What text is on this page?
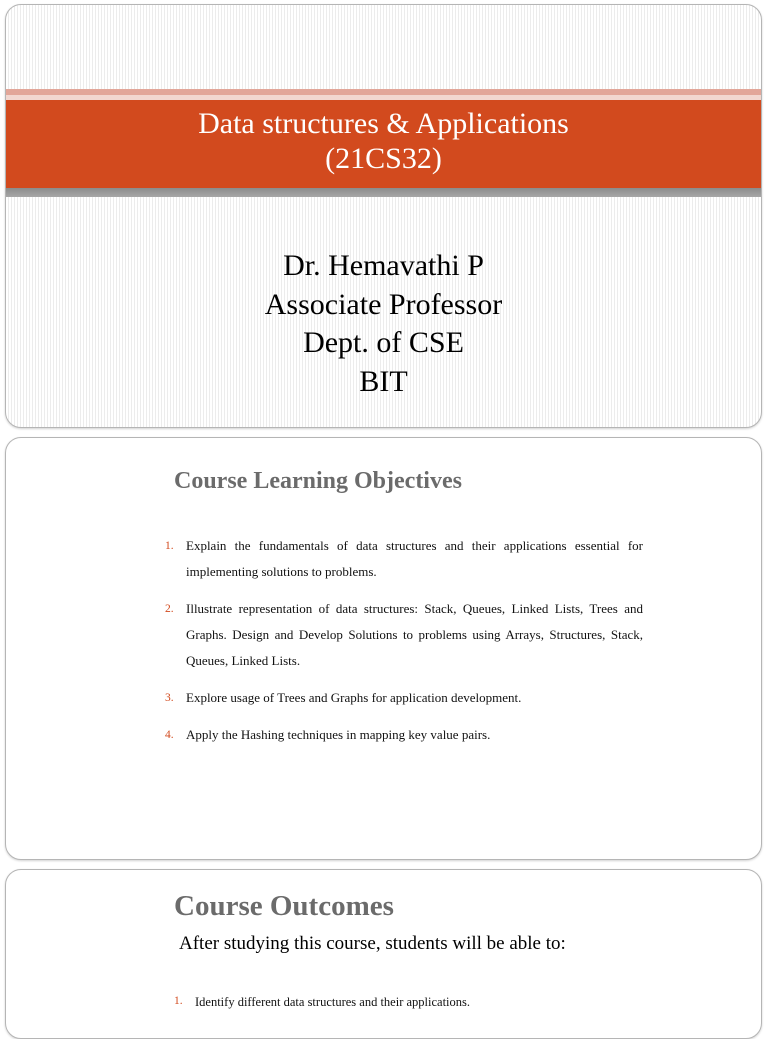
Data structures & Applications
(21CS32)
Dr. Hemavathi P
Associate Professor
Dept. of CSE
BIT
Course Learning Objectives
1. Explain the fundamentals of data structures and their applications essential for implementing solutions to problems.
2. Illustrate representation of data structures: Stack, Queues, Linked Lists, Trees and Graphs. Design and Develop Solutions to problems using Arrays, Structures, Stack, Queues, Linked Lists.
3. Explore usage of Trees and Graphs for application development.
4. Apply the Hashing techniques in mapping key value pairs.
Course Outcomes
After studying this course, students will be able to:
1. Identify different data structures and their applications.
